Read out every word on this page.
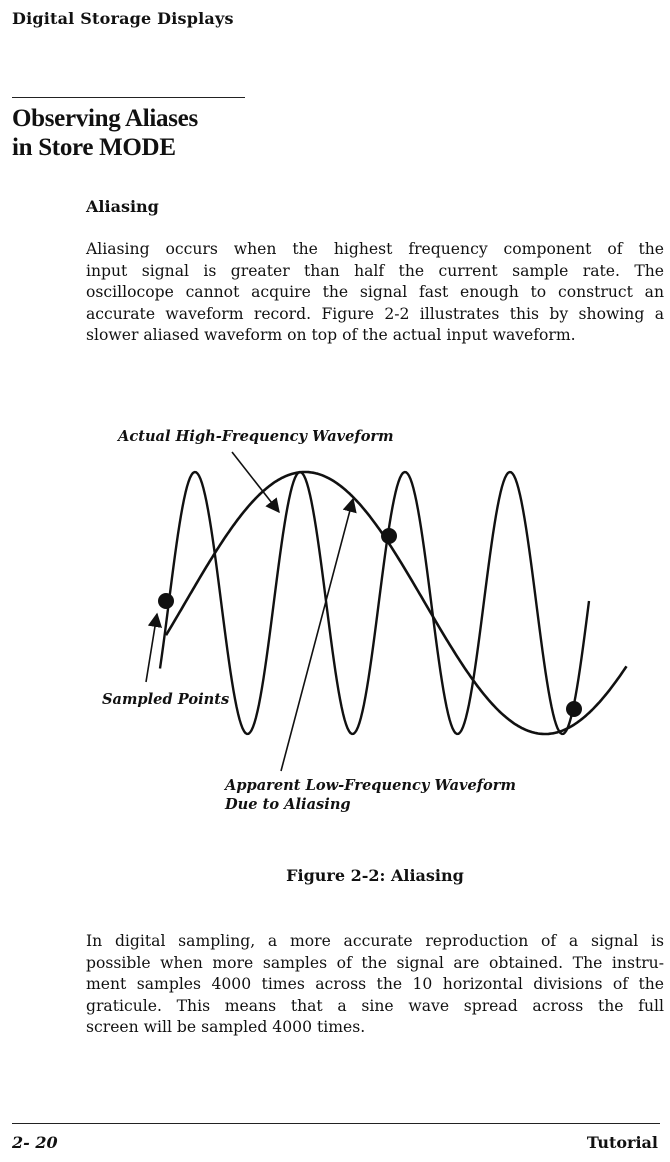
Digital Storage Displays
Observing Aliases
in Store MODE
Aliasing
Aliasing occurs when the highest frequency component of the
input signal is greater than half the current sample rate. The
oscillocope cannot acquire the signal fast enough to construct an
accurate waveform record. Figure 2-2 illustrates this by showing a
slower aliased waveform on top of the actual input waveform.
Actual High-Frequency Waveform
Sampled Points
Apparent Low-Frequency Waveform
Due to Aliasing
Figure 2-2: Aliasing
In digital sampling, a more accurate reproduction of a signal is
possible when more samples of the signal are obtained. The instru-
ment samples 4000 times across the 10 horizontal divisions of the
graticule. This means that a sine wave spread across the full
screen will be sampled 4000 times.
2- 20	Tutorial
